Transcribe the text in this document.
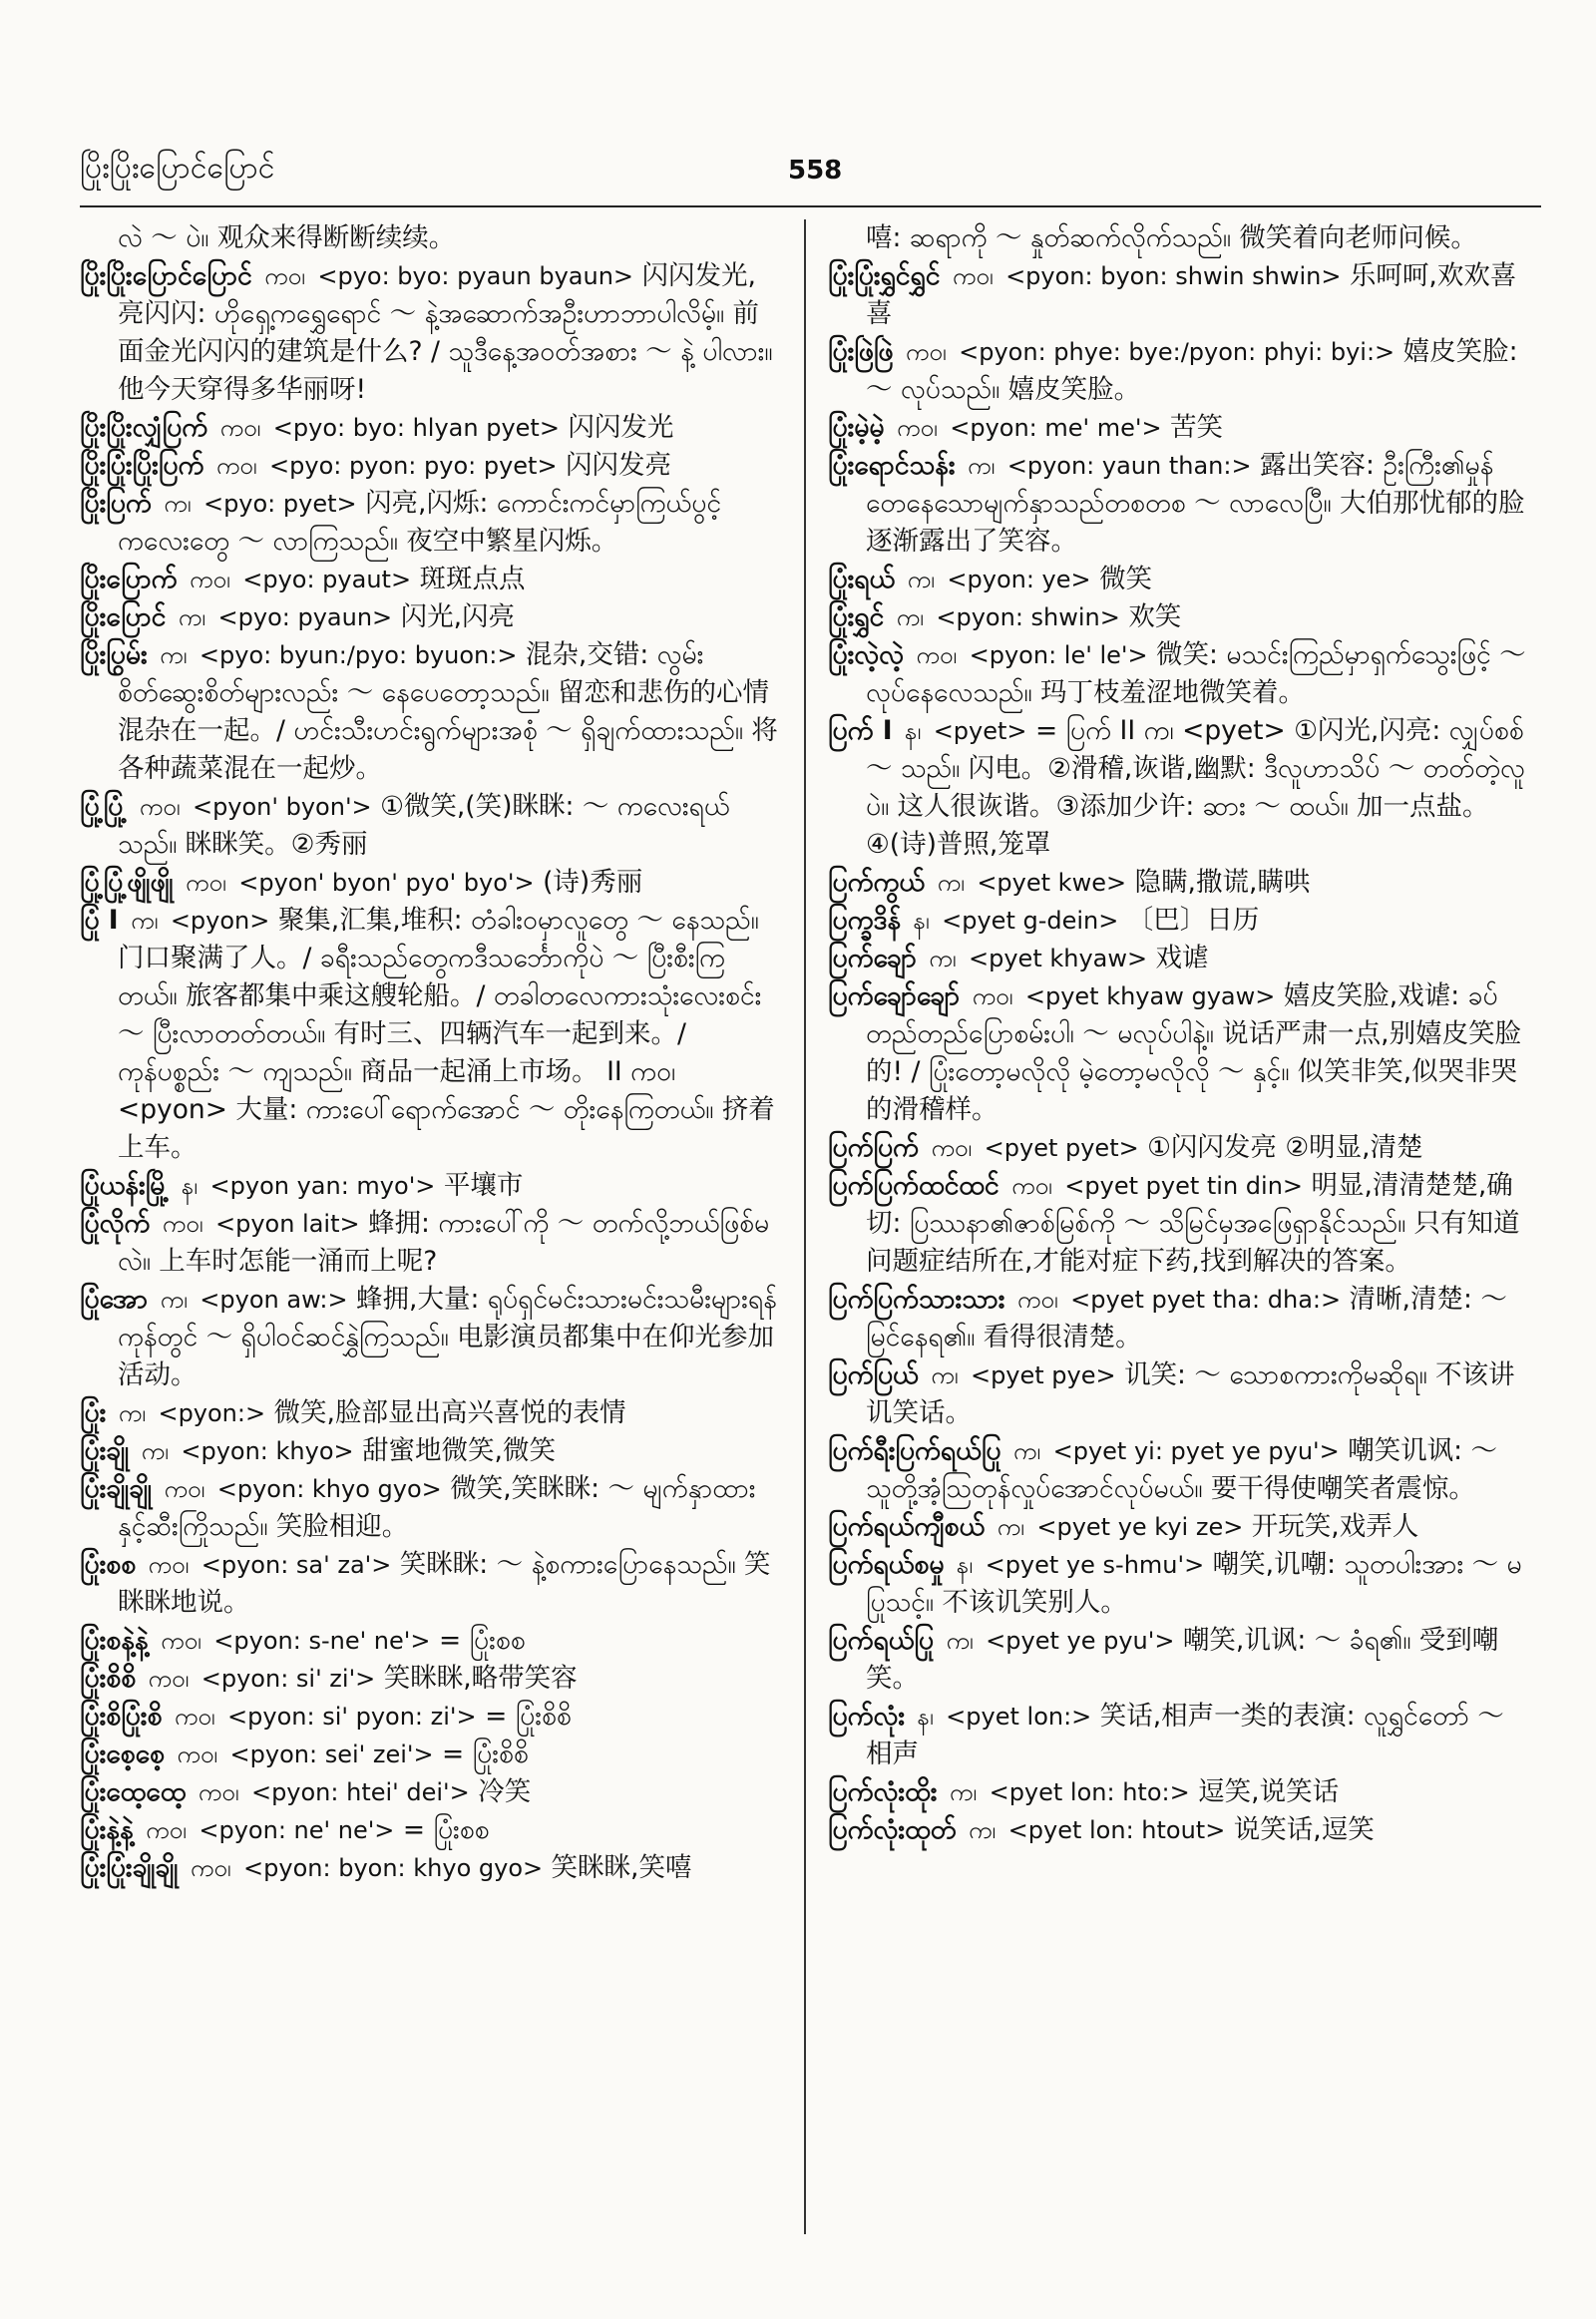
ပြိုးပြိုးပြောင်ပြောင်	558

လဲ ～ ပဲ။ 观众来得断断续续。

ပြိုးပြိုးပြောင်ပြောင် ကဝ၊ <pyo: byo: pyaun byaun> 闪闪发光,亮闪闪: ဟိုရှေ့ကရွှေရောင် ～ နဲ့အဆောက်အဦးဟာဘာပါလိမ့်။ 前面金光闪闪的建筑是什么? / သူဒီနေ့အဝတ်အစား ～ နဲ့ ပါလား။ 他今天穿得多华丽呀!

ပြိုးပြိုးလျှံပြက် ကဝ၊ <pyo: byo: hlyan pyet> 闪闪发光

ပြိုးပြုံးပြိုးပြက် ကဝ၊ <pyo: pyon: pyo: pyet> 闪闪发亮

ပြိုးပြက် က၊ <pyo: pyet> 闪亮,闪烁: ကောင်းကင်မှာကြယ်ပွင့်ကလေးတွေ ～ လာကြသည်။ 夜空中繁星闪烁。

ပြိုးပြောက် ကဝ၊ <pyo: pyaut> 斑斑点点

ပြိုးပြောင် က၊ <pyo: pyaun> 闪光,闪亮

ပြိုးပြွမ်း က၊ <pyo: byun:/pyo: byuon:> 混杂,交错: လွမ်းစိတ်ဆွေးစိတ်များလည်း ～ နေပေတော့သည်။ 留恋和悲伤的心情混杂在一起。/ ဟင်းသီးဟင်းရွက်များအစုံ ～ ရှိချက်ထားသည်။ 将各种蔬菜混在一起炒。

ပြုံ့ပြုံ့ ကဝ၊ <pyon' byon'> ①微笑,(笑)眯眯: ～ ကလေးရယ်သည်။ 眯眯笑。②秀丽

ပြုံ့ပြုံ့ဖျိုဖျို ကဝ၊ <pyon' byon' pyo' byo'> (诗)秀丽

ပြုံ I က၊ <pyon> 聚集,汇集,堆积: တံခါးဝမှာလူတွေ ～ နေသည်။ 门口聚满了人。/ ခရီးသည်တွေကဒီသင်္ဘောကိုပဲ ～ ပြီးစီးကြတယ်။ 旅客都集中乘这艘轮船。/ တခါတလေကားသုံးလေးစင်း ～ ပြီးလာတတ်တယ်။ 有时三、四辆汽车一起到来。/ ကုန်ပစ္စည်း ～ ကျသည်။ 商品一起涌上市场。 II ကဝ၊ <pyon> 大量: ကားပေါ်ရောက်အောင် ～ တိုးနေကြတယ်။ 挤着上车。

ပြုံယန်းမြို့ န၊ <pyon yan: myo'> 平壤市

ပြုံလိုက် ကဝ၊ <pyon lait> 蜂拥: ကားပေါ်ကို ～ တက်လို့ဘယ်ဖြစ်မလဲ။ 上车时怎能一涌而上呢?

ပြုံအော က၊ <pyon aw:> 蜂拥,大量: ရုပ်ရှင်မင်းသားမင်းသမီးများရန်ကုန်တွင် ～ ရှိပါဝင်ဆင်နွှဲကြသည်။ 电影演员都集中在仰光参加活动。

ပြုံး က၊ <pyon:> 微笑,脸部显出高兴喜悦的表情

ပြုံးချို က၊ <pyon: khyo> 甜蜜地微笑,微笑

ပြုံးချိုချို ကဝ၊ <pyon: khyo gyo> 微笑,笑眯眯: ～ မျက်နှာထားနှင့်ဆီးကြိုသည်။ 笑脸相迎。

ပြုံးစစ ကဝ၊ <pyon: sa' za'> 笑眯眯: ～ နဲ့စကားပြောနေသည်။ 笑眯眯地说。

ပြုံးစနဲ့နဲ့ ကဝ၊ <pyon: s-ne' ne'> = ပြုံးစစ

ပြုံးစိစိ ကဝ၊ <pyon: si' zi'> 笑眯眯,略带笑容

ပြုံးစိပြုံးစိ ကဝ၊ <pyon: si' pyon: zi'> = ပြုံးစိစိ

ပြုံးစေ့စေ့ ကဝ၊ <pyon: sei' zei'> = ပြုံးစိစိ

ပြုံးထေ့ထေ့ ကဝ၊ <pyon: htei' dei'> 冷笑

ပြုံးနဲ့နဲ့ ကဝ၊ <pyon: ne' ne'> = ပြုံးစစ

ပြုံးပြုံးချိုချို ကဝ၊ <pyon: byon: khyo gyo> 笑眯眯,笑嘻

嘻: ဆရာကို ～ နှုတ်ဆက်လိုက်သည်။ 微笑着向老师问候。

ပြုံးပြုံးရွှင်ရွှင် ကဝ၊ <pyon: byon: shwin shwin> 乐呵呵,欢欢喜喜

ပြုံးဖြဲဖြဲ ကဝ၊ <pyon: phye: bye:/pyon: phyi: byi:> 嬉皮笑脸: ～ လုပ်သည်။ 嬉皮笑脸。

ပြုံးမဲ့မဲ့ ကဝ၊ <pyon: me' me'> 苦笑

ပြုံးရောင်သန်း က၊ <pyon: yaun than:> 露出笑容: ဦးကြီး၏မှုန်တေနေသောမျက်နှာသည်တစတစ ～ လာလေပြီ။ 大伯那忧郁的脸逐渐露出了笑容。

ပြုံးရယ် က၊ <pyon: ye> 微笑

ပြုံးရွှင် က၊ <pyon: shwin> 欢笑

ပြုံးလဲ့လဲ့ ကဝ၊ <pyon: le' le'> 微笑: မသင်းကြည်မှာရှက်သွေးဖြင့် ～ လုပ်နေလေသည်။ 玛丁枝羞涩地微笑着。

ပြက် I န၊ <pyet> = ပြက် II က၊ <pyet> ①闪光,闪亮: လျှပ်စစ် ～ သည်။ 闪电。②滑稽,诙谐,幽默: ဒီလူဟာသိပ် ～ တတ်တဲ့လူပဲ။ 这人很诙谐。③添加少许: ဆား ～ ထယ်။ 加一点盐。④(诗)普照,笼罩

ပြက်ကွယ် က၊ <pyet kwe> 隐瞒,撒谎,瞒哄

ပြက္ခဒိန် န၊ <pyet g-dein> 〔巴〕日历

ပြက်ချော် က၊ <pyet khyaw> 戏谑

ပြက်ချော်ချော် ကဝ၊ <pyet khyaw gyaw> 嬉皮笑脸,戏谑: ခပ်တည်တည်ပြောစမ်းပါ၊ ～ မလုပ်ပါနဲ့။ 说话严肃一点,别嬉皮笑脸的! / ပြုံးတော့မလိုလို မဲ့တော့မလိုလို ～ နှင့်။ 似笑非笑,似哭非哭的滑稽样。

ပြက်ပြက် ကဝ၊ <pyet pyet> ①闪闪发亮 ②明显,清楚

ပြက်ပြက်ထင်ထင် ကဝ၊ <pyet pyet tin din> 明显,清清楚楚,确切: ပြဿနာ၏ဇာစ်မြစ်ကို ～ သိမြင်မှအဖြေရှာနိုင်သည်။ 只有知道问题症结所在,才能对症下药,找到解决的答案。

ပြက်ပြက်သားသား ကဝ၊ <pyet pyet tha: dha:> 清晰,清楚: ～ မြင်နေရ၏။ 看得很清楚。

ပြက်ပြယ် က၊ <pyet pye> 讥笑: ～ သောစကားကိုမဆိုရ။ 不该讲讥笑话。

ပြက်ရီးပြက်ရယ်ပြု က၊ <pyet yi: pyet ye pyu'> 嘲笑讥讽: ～ သူတို့အံ့သြတုန်လှုပ်အောင်လုပ်မယ်။ 要干得使嘲笑者震惊。

ပြက်ရယ်ကျီစယ် က၊ <pyet ye kyi ze> 开玩笑,戏弄人

ပြက်ရယ်စမှု န၊ <pyet ye s-hmu'> 嘲笑,讥嘲: သူတပါးအား ～ မပြုသင့်။ 不该讥笑别人。

ပြက်ရယ်ပြု က၊ <pyet ye pyu'> 嘲笑,讥讽: ～ ခံရ၏။ 受到嘲笑。

ပြက်လုံး န၊ <pyet lon:> 笑话,相声一类的表演: လူရွှင်တော် ～ 相声

ပြက်လုံးထိုး က၊ <pyet lon: hto:> 逗笑,说笑话

ပြက်လုံးထုတ် က၊ <pyet lon: htout> 说笑话,逗笑
